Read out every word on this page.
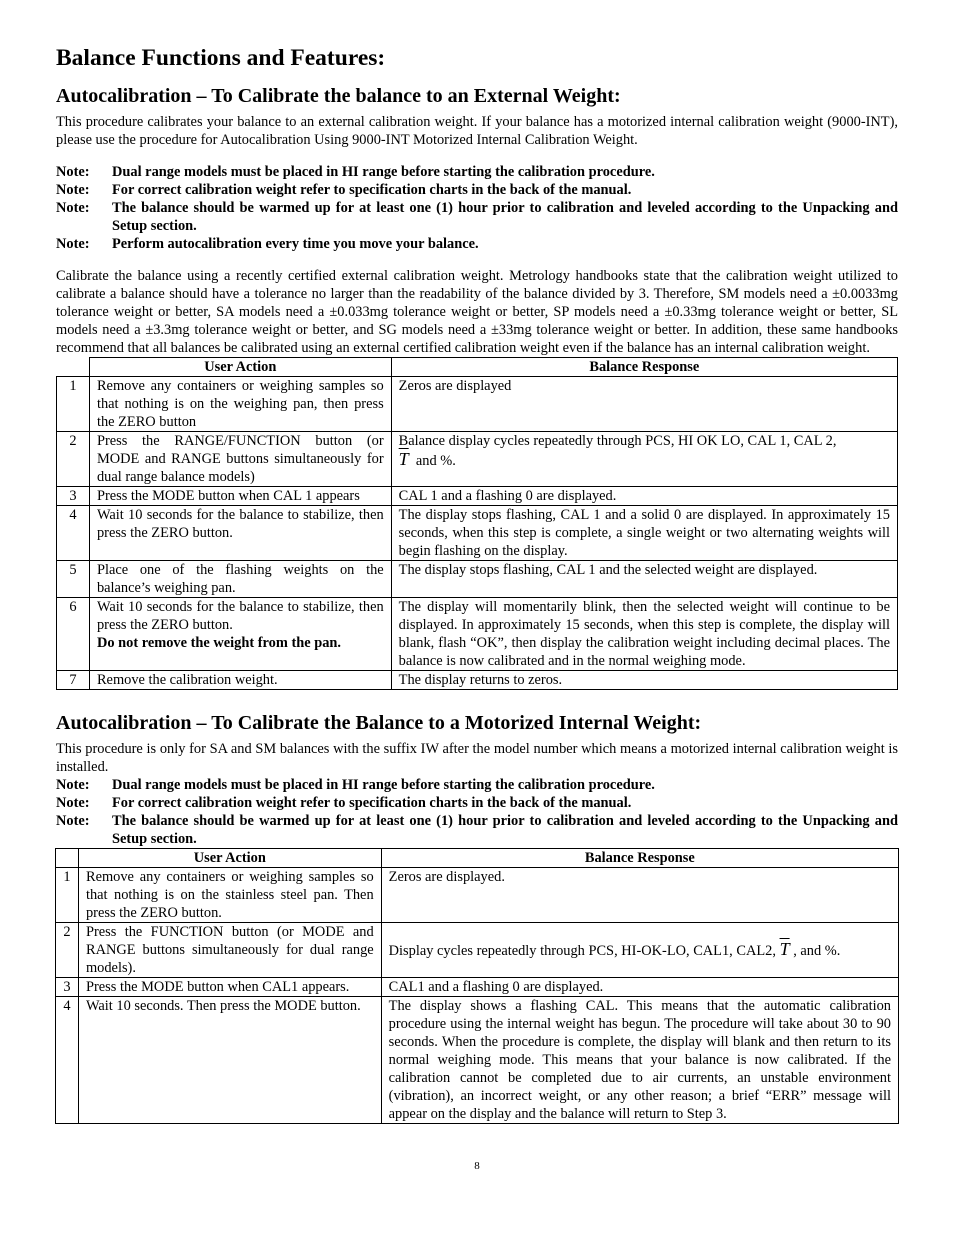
Balance Functions and Features:
Autocalibration – To Calibrate the balance to an External Weight:

This procedure calibrates your balance to an external calibration weight. If your balance has a motorized internal calibration weight (9000-INT), please use the procedure for Autocalibration Using 9000-INT Motorized Internal Calibration Weight.

Note:	Dual range models must be placed in HI range before starting the calibration procedure.
Note:	For correct calibration weight refer to specification charts in the back of the manual.
Note:	The balance should be warmed up for at least one (1) hour prior to calibration and leveled according to the Unpacking and Setup section.
Note:	Perform autocalibration every time you move your balance.

Calibrate the balance using a recently certified external calibration weight. Metrology handbooks state that the calibration weight utilized to calibrate a balance should have a tolerance no larger than the readability of the balance divided by 3. Therefore, SM models need a ±0.0033mg tolerance weight or better, SA models need a ±0.033mg tolerance weight or better, SP models need a ±0.33mg tolerance weight or better, SL models need a ±3.3mg tolerance weight or better, and SG models need a ±33mg tolerance weight or better. In addition, these same handbooks recommend that all balances be calibrated using an external certified calibration weight even if the balance has an internal calibration weight.

	User Action	Balance Response
1	Remove any containers or weighing samples so that nothing is on the weighing pan, then press the ZERO button	Zeros are displayed
2	Press the RANGE/FUNCTION button (or MODE and RANGE buttons simultaneously for dual range balance models)	Balance display cycles repeatedly through PCS, HI OK LO, CAL 1, CAL 2,
$\overline{T}$ and %.
3	Press the MODE button when CAL 1 appears	CAL 1 and a flashing 0 are displayed.
4	Wait 10 seconds for the balance to stabilize, then press the ZERO button.	The display stops flashing, CAL 1 and a solid 0 are displayed. In approximately 15 seconds, when this step is complete, a single weight or two alternating weights will begin flashing on the display.
5	Place one of the flashing weights on the balance’s weighing pan.	The display stops flashing, CAL 1 and the selected weight are displayed.
6	Wait 10 seconds for the balance to stabilize, then press the ZERO button.
Do not remove the weight from the pan.	The display will momentarily blink, then the selected weight will continue to be displayed. In approximately 15 seconds, when this step is complete, the display will blank, flash “OK”, then display the calibration weight including decimal places. The balance is now calibrated and in the normal weighing mode.
7	Remove the calibration weight.	The display returns to zeros.
Autocalibration – To Calibrate the Balance to a Motorized Internal Weight:

This procedure is only for SA and SM balances with the suffix IW after the model number which means a motorized internal calibration weight is installed.

Note:	Dual range models must be placed in HI range before starting the calibration procedure.
Note:	For correct calibration weight refer to specification charts in the back of the manual.
Note:	The balance should be warmed up for at least one (1) hour prior to calibration and leveled according to the Unpacking and Setup section.
	User Action	Balance Response
1	Remove any containers or weighing samples so that nothing is on the stainless steel pan. Then press the ZERO button.	Zeros are displayed.
2	Press the FUNCTION button (or MODE and RANGE buttons simultaneously for dual range models).	Display cycles repeatedly through PCS, HI-OK-LO, CAL1, CAL2, $\overline{T}$ , and %.
3	Press the MODE button when CAL1 appears.	CAL1 and a flashing 0 are displayed.
4	Wait 10 seconds. Then press the MODE button.	The display shows a flashing CAL. This means that the automatic calibration procedure using the internal weight has begun. The procedure will take about 30 to 90 seconds. When the procedure is complete, the display will blank and then return to its normal weighing mode. This means that your balance is now calibrated. If the calibration cannot be completed due to air currents, an unstable environment (vibration), an incorrect weight, or any other reason; a brief “ERR” message will appear on the display and the balance will return to Step 3.
8
